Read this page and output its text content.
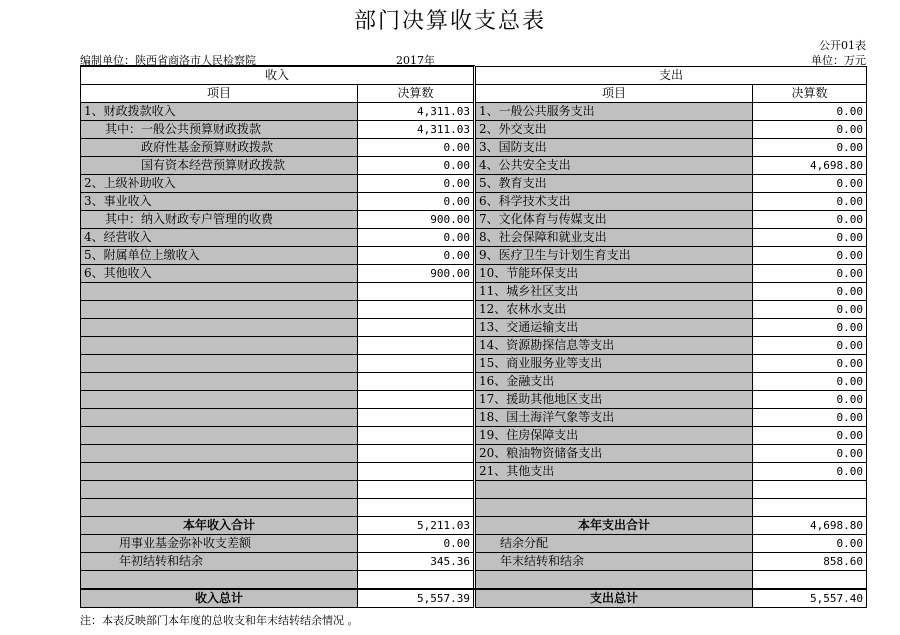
部门决算收支总表
公开01表
编制单位：陕西省商洛市人民检察院	2017年	单位：万元
收入			支出	
项目	决算数		项目	决算数
1、财政拨款收入	4,311.03		1、一般公共服务支出	0.00
其中：一般公共预算财政拨款	4,311.03		2、外交支出	0.00
政府性基金预算财政拨款	0.00		3、国防支出	0.00
国有资本经营预算财政拨款	0.00		4、公共安全支出	4,698.80
2、上级补助收入	0.00		5、教育支出	0.00
3、事业收入	0.00		6、科学技术支出	0.00
其中：纳入财政专户管理的收费	900.00		7、文化体育与传媒支出	0.00
4、经营收入	0.00		8、社会保障和就业支出	0.00
5、附属单位上缴收入	0.00		9、医疗卫生与计划生育支出	0.00
6、其他收入	900.00		10、节能环保支出	0.00
			11、城乡社区支出	0.00
			12、农林水支出	0.00
			13、交通运输支出	0.00
			14、资源勘探信息等支出	0.00
			15、商业服务业等支出	0.00
			16、金融支出	0.00
			17、援助其他地区支出	0.00
			18、国土海洋气象等支出	0.00
			19、住房保障支出	0.00
			20、粮油物资储备支出	0.00
			21、其他支出	0.00

本年收入合计	5,211.03		本年支出合计	4,698.80
用事业基金弥补收支差额	0.00		结余分配	0.00
年初结转和结余	345.36		年末结转和结余	858.60

收入总计	5,557.39		支出总计	5,557.40
注：本表反映部门本年度的总收支和年末结转结余情况 。
